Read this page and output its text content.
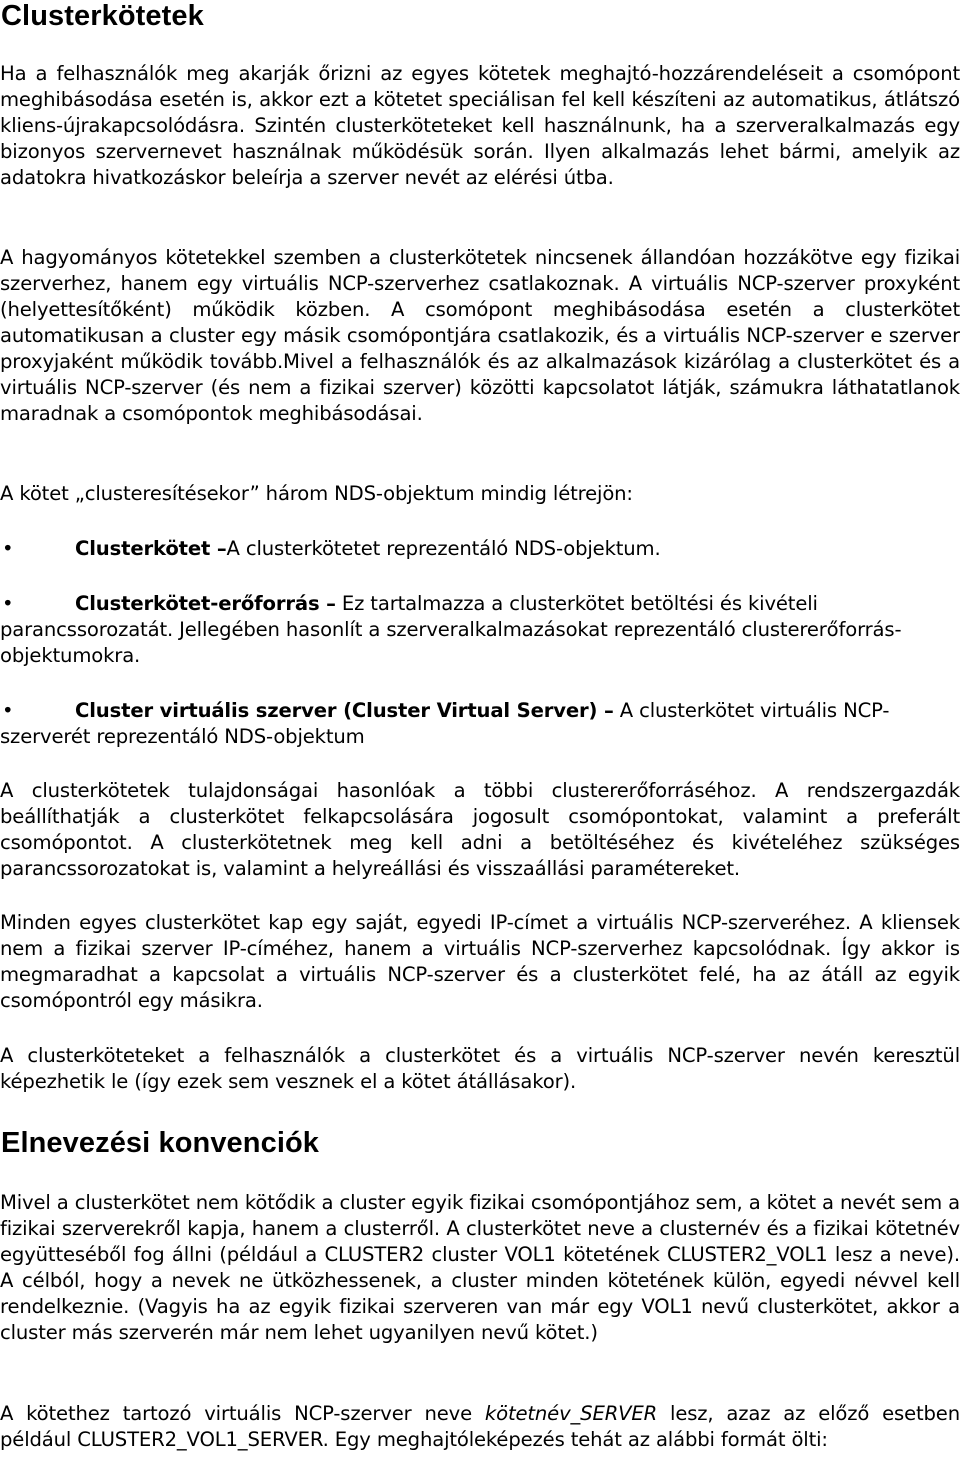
Clusterkötetek

Ha a felhasználók meg akarják őrizni az egyes kötetek meghajtó-hozzárendeléseit a csomópont meghibásodása esetén is, akkor ezt a kötetet speciálisan fel kell készíteni az automatikus, átlátszó kliens-újrakapcsolódásra. Szintén clusterköteteket kell használnunk, ha a szerveralkalmazás egy bizonyos szervernevet használnak működésük során. Ilyen alkalmazás lehet bármi, amelyik az adatokra hivatkozáskor beleírja a szerver nevét az elérési útba.

A hagyományos kötetekkel szemben a clusterkötetek nincsenek állandóan hozzákötve egy fizikai szerverhez, hanem egy virtuális NCP-szerverhez csatlakoznak. A virtuális NCP-szerver proxyként (helyettesítőként) működik közben. A csomópont meghibásodása esetén a clusterkötet automatikusan a cluster egy másik csomópontjára csatlakozik, és a virtuális NCP-szerver e szerver proxyjaként működik tovább.Mivel a felhasználók és az alkalmazások kizárólag a clusterkötet és a virtuális NCP-szerver (és nem a fizikai szerver) közötti kapcsolatot látják, számukra láthatatlanok maradnak a csomópontok meghibásodásai.

A kötet „clusteresítésekor” három NDS-objektum mindig létrejön:

•	Clusterkötet –A clusterkötetet reprezentáló NDS-objektum.

•	Clusterkötet-erőforrás – Ez tartalmazza a clusterkötet betöltési és kivételi parancssorozatát. Jellegében hasonlít a szerveralkalmazásokat reprezentáló clustererőforrás-objektumokra.

•	Cluster virtuális szerver (Cluster Virtual Server) – A clusterkötet virtuális NCP-szerverét reprezentáló NDS-objektum

A clusterkötetek tulajdonságai hasonlóak a többi clustererőforráséhoz. A rendszergazdák beállíthatják a clusterkötet felkapcsolására jogosult csomópontokat, valamint a preferált csomópontot. A clusterkötetnek meg kell adni a betöltéséhez és kivételéhez szükséges parancssorozatokat is, valamint a helyreállási és visszaállási paramétereket.

Minden egyes clusterkötet kap egy saját, egyedi IP-címet a virtuális NCP-szerveréhez. A kliensek nem a fizikai szerver IP-címéhez, hanem a virtuális NCP-szerverhez kapcsolódnak. Így akkor is megmaradhat a kapcsolat a virtuális NCP-szerver és a clusterkötet felé, ha az átáll az egyik csomópontról egy másikra.

A clusterköteteket a felhasználók a clusterkötet és a virtuális NCP-szerver nevén keresztül képezhetik le (így ezek sem vesznek el a kötet átállásakor).

Elnevezési konvenciók

Mivel a clusterkötet nem kötődik a cluster egyik fizikai csomópontjához sem, a kötet a nevét sem a fizikai szerverekről kapja, hanem a clusterről. A clusterkötet neve a clusternév és a fizikai kötetnév együtteséből fog állni (például a CLUSTER2 cluster VOL1 kötetének CLUSTER2_VOL1 lesz a neve). A célból, hogy a nevek ne ütközhessenek, a cluster minden kötetének külön, egyedi névvel kell rendelkeznie. (Vagyis ha az egyik fizikai szerveren van már egy VOL1 nevű clusterkötet, akkor a cluster más szerverén már nem lehet ugyanilyen nevű kötet.)

A kötethez tartozó virtuális NCP-szerver neve kötetnév_SERVER lesz, azaz az előző esetben például CLUSTER2_VOL1_SERVER. Egy meghajtóleképezés tehát az alábbi formát ölti:
